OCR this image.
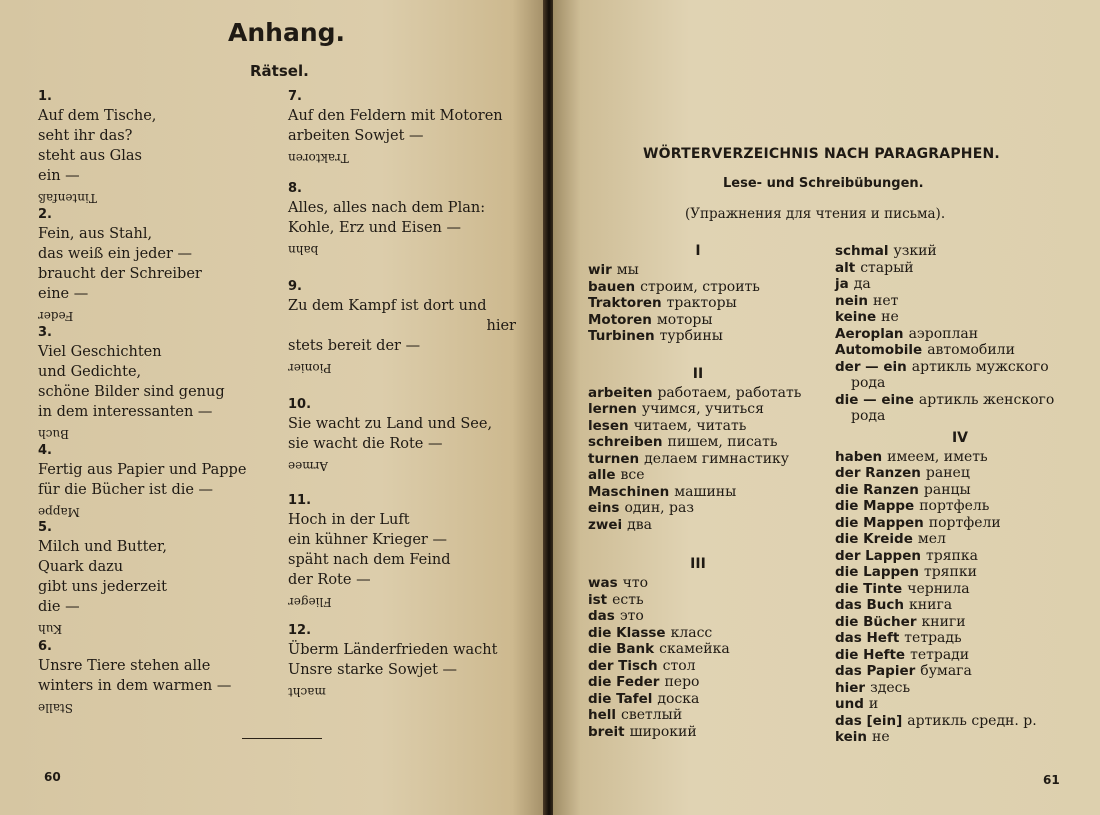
Anhang.
Rätsel.
1.
Auf dem Tische,
seht ihr das?
steht aus Glas
ein —
Tintenfaß
2.
Fein, aus Stahl,
das weiß ein jeder —
braucht der Schreiber
eine —
Feder
3.
Viel Geschichten
und Gedichte,
schöne Bilder sind genug
in dem interessanten —
Buch
4.
Fertig aus Papier und Pappe
für die Bücher ist die —
Mappe
5.
Milch und Butter,
Quark dazu
gibt uns jederzeit
die —
Kuh
6.
Unsre Tiere stehen alle
winters in dem warmen —
Stalle
7.
Auf den Feldern mit Motoren
arbeiten Sowjet —
Traktoren
8.
Alles, alles nach dem Plan:
Kohle, Erz und Eisen —
bahn
9.
Zu dem Kampf ist dort und
hier
stets bereit der —
Pionier
10.
Sie wacht zu Land und See,
sie wacht die Rote —
Armee
11.
Hoch in der Luft
ein kühner Krieger —
späht nach dem Feind
der Rote —
Flieger
12.
Überm Länderfrieden wacht
Unsre starke Sowjet —
macht
60
WÖRTERVERZEICHNIS NACH PARAGRAPHEN.
Lese- und Schreibübungen.
(Упражнения для чтения и письма).
I
wir мы
bauen строим, строить
Traktoren тракторы
Motoren моторы
Turbinen турбины
II
arbeiten работаем, работать
lernen учимся, учиться
lesen читаем, читать
schreiben пишем, писать
turnen делаем гимнастику
alle все
Maschinen машины
eins один, раз
zwei два
III
was что
ist есть
das это
die Klasse класс
die Bank скамейка
der Tisch стол
die Feder перо
die Tafel доска
hell светлый
breit широкий
schmal узкий
alt старый
ja да
nein нет
keine не
Aeroplan аэроплан
Automobile автомобили
der — ein артикль мужского
рода
die — eine артикль женского
рода
IV
haben имеем, иметь
der Ranzen ранец
die Ranzen ранцы
die Mappe портфель
die Mappen портфели
die Kreide мел
der Lappen тряпка
die Lappen тряпки
die Tinte чернила
das Buch книга
die Bücher книги
das Heft тетрадь
die Hefte тетради
das Papier бумага
hier здесь
und и
das [ein] артикль средн. р.
kein не
61
